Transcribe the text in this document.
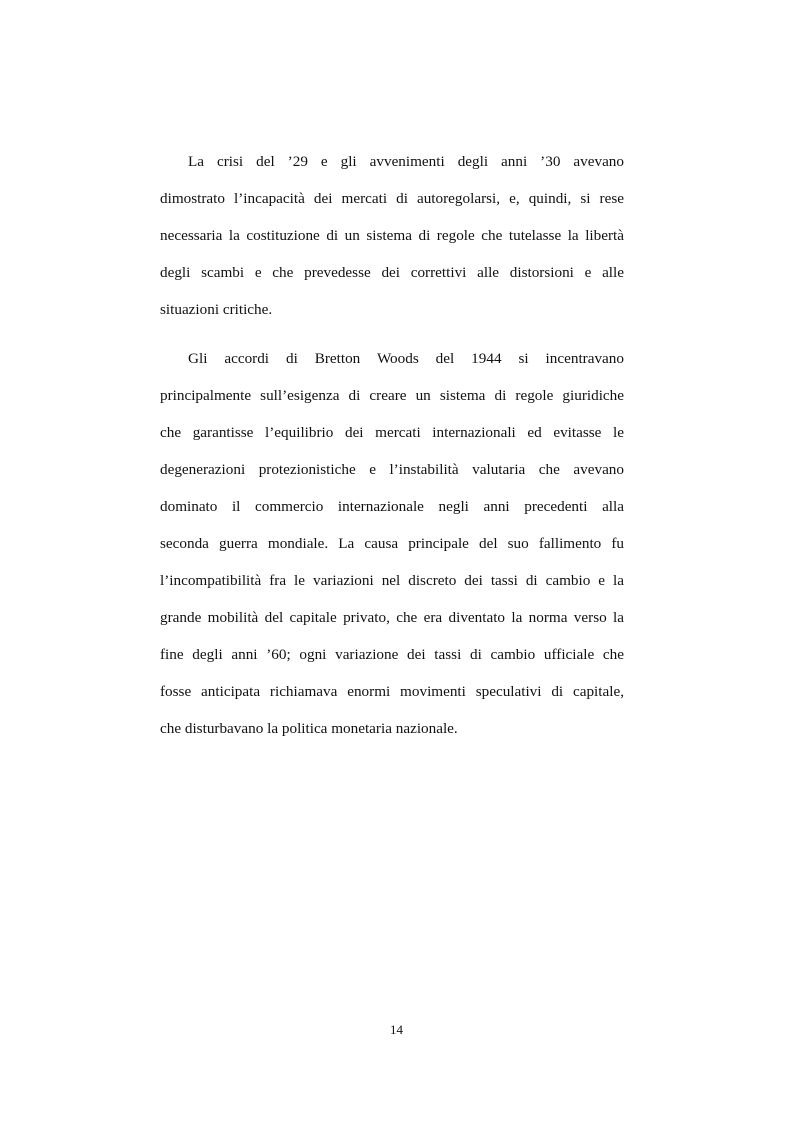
La crisi del ’29 e gli avvenimenti degli anni ’30 avevano
dimostrato l’incapacità dei mercati di autoregolarsi, e, quindi, si rese
necessaria la costituzione di un sistema di regole che tutelasse la libertà
degli scambi e che prevedesse dei correttivi alle distorsioni e alle
situazioni critiche.
Gli accordi di Bretton Woods del 1944 si incentravano
principalmente sull’esigenza di creare un sistema di regole giuridiche
che garantisse l’equilibrio dei mercati internazionali ed evitasse le
degenerazioni protezionistiche e l’instabilità valutaria che avevano
dominato il commercio internazionale negli anni precedenti alla
seconda guerra mondiale. La causa principale del suo fallimento fu
l’incompatibilità fra le variazioni nel discreto dei tassi di cambio e la
grande mobilità del capitale privato, che era diventato la norma verso la
fine degli anni ’60; ogni variazione dei tassi di cambio ufficiale che
fosse anticipata richiamava enormi movimenti speculativi di capitale,
che disturbavano la politica monetaria nazionale.
14
